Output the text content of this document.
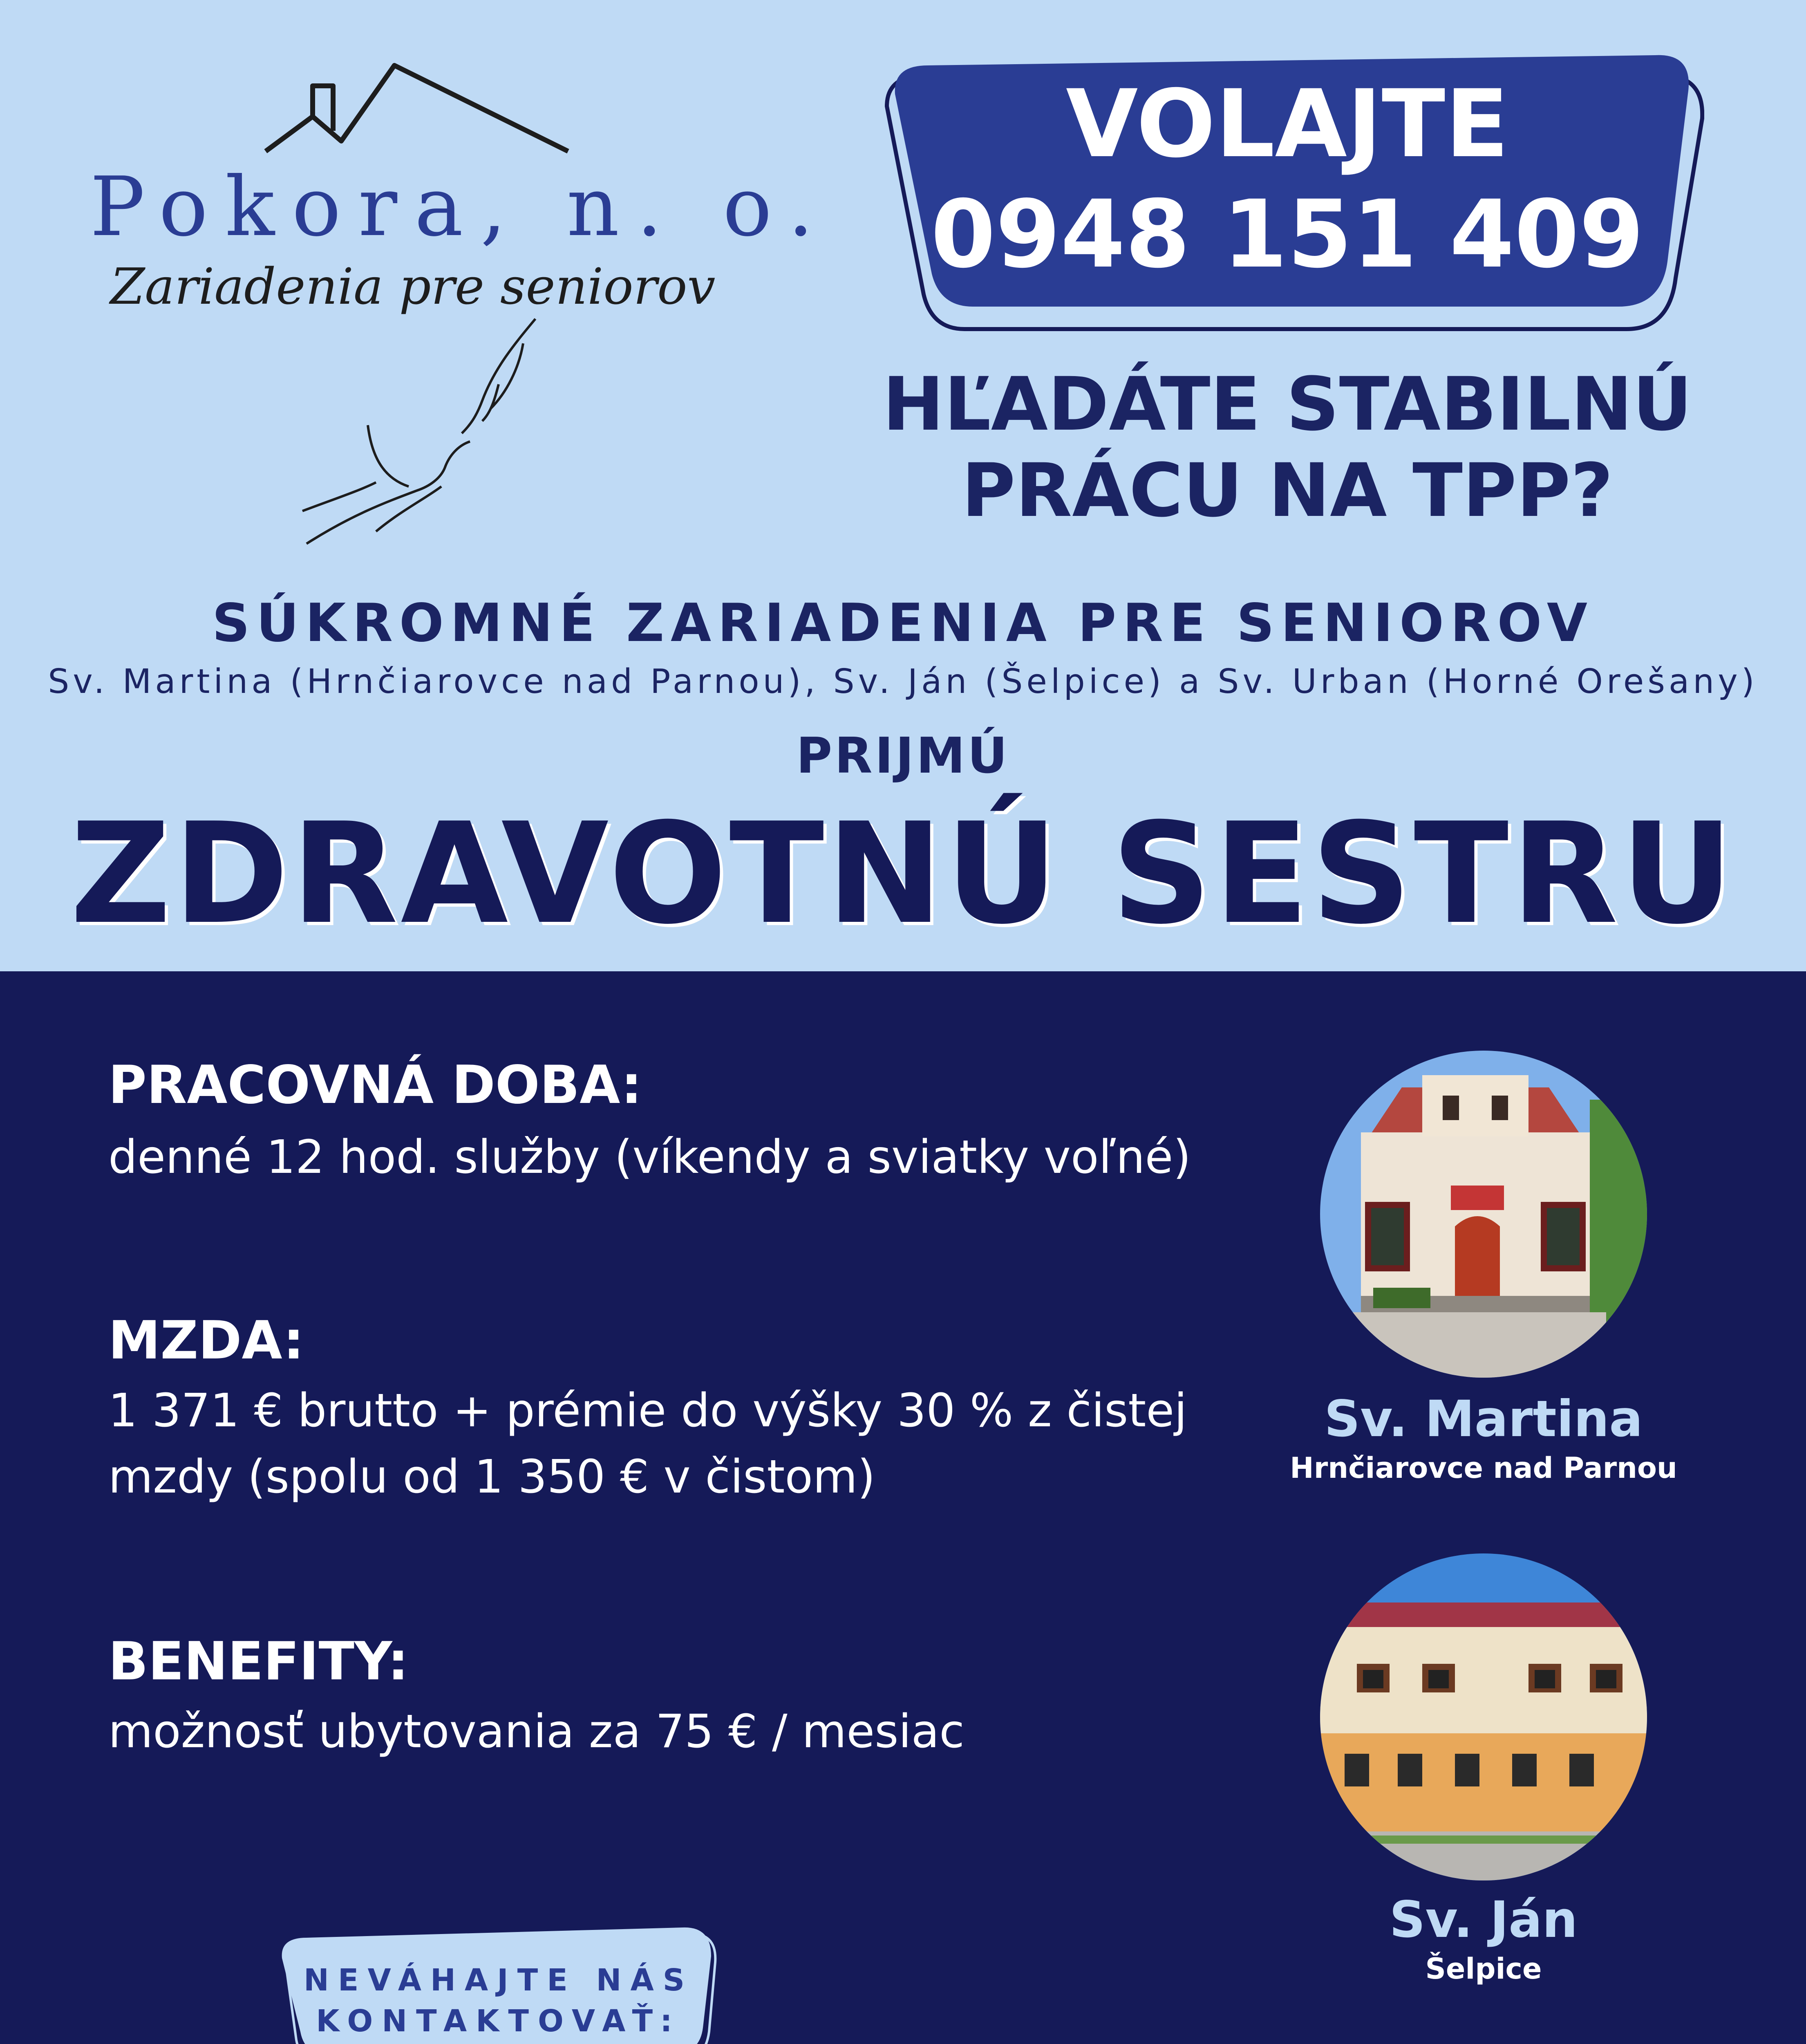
Pokora, n. o.
Zariadenia pre seniorov
VOLAJTE
0948 151 409
HĽADÁTE STABILNÚ
PRÁCU NA TPP?
SÚKROMNÉ ZARIADENIA PRE SENIOROV
Sv. Martina (Hrnčiarovce nad Parnou), Sv. Ján (Šelpice) a Sv. Urban (Horné Orešany)
PRIJMÚ
ZDRAVOTNÚ SESTRU
PRACOVNÁ DOBA:
denné 12 hod. služby (víkendy a sviatky voľné)
MZDA:
1 371 € brutto + prémie do výšky 30 % z čistej
mzdy (spolu od 1 350 € v čistom)
BENEFITY:
možnosť ubytovania za 75 € / mesiac
NEVÁHAJTE NÁS
KONTAKTOVAŤ:
Sv. Martina
Hrnčiarovce nad Parnou
Sv. Ján
Šelpice
